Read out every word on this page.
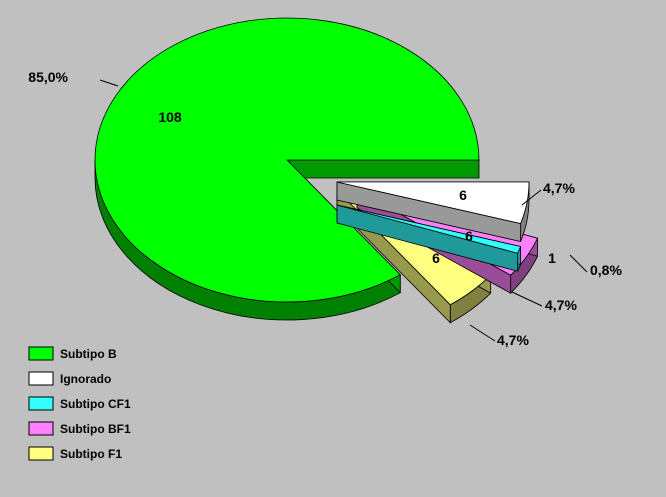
108
85,0%
6	4,7%
1
0,8%
6
4,7%
6
4,7%
Subtipo B
Ignorado
Subtipo CF1
Subtipo BF1
Subtipo F1
